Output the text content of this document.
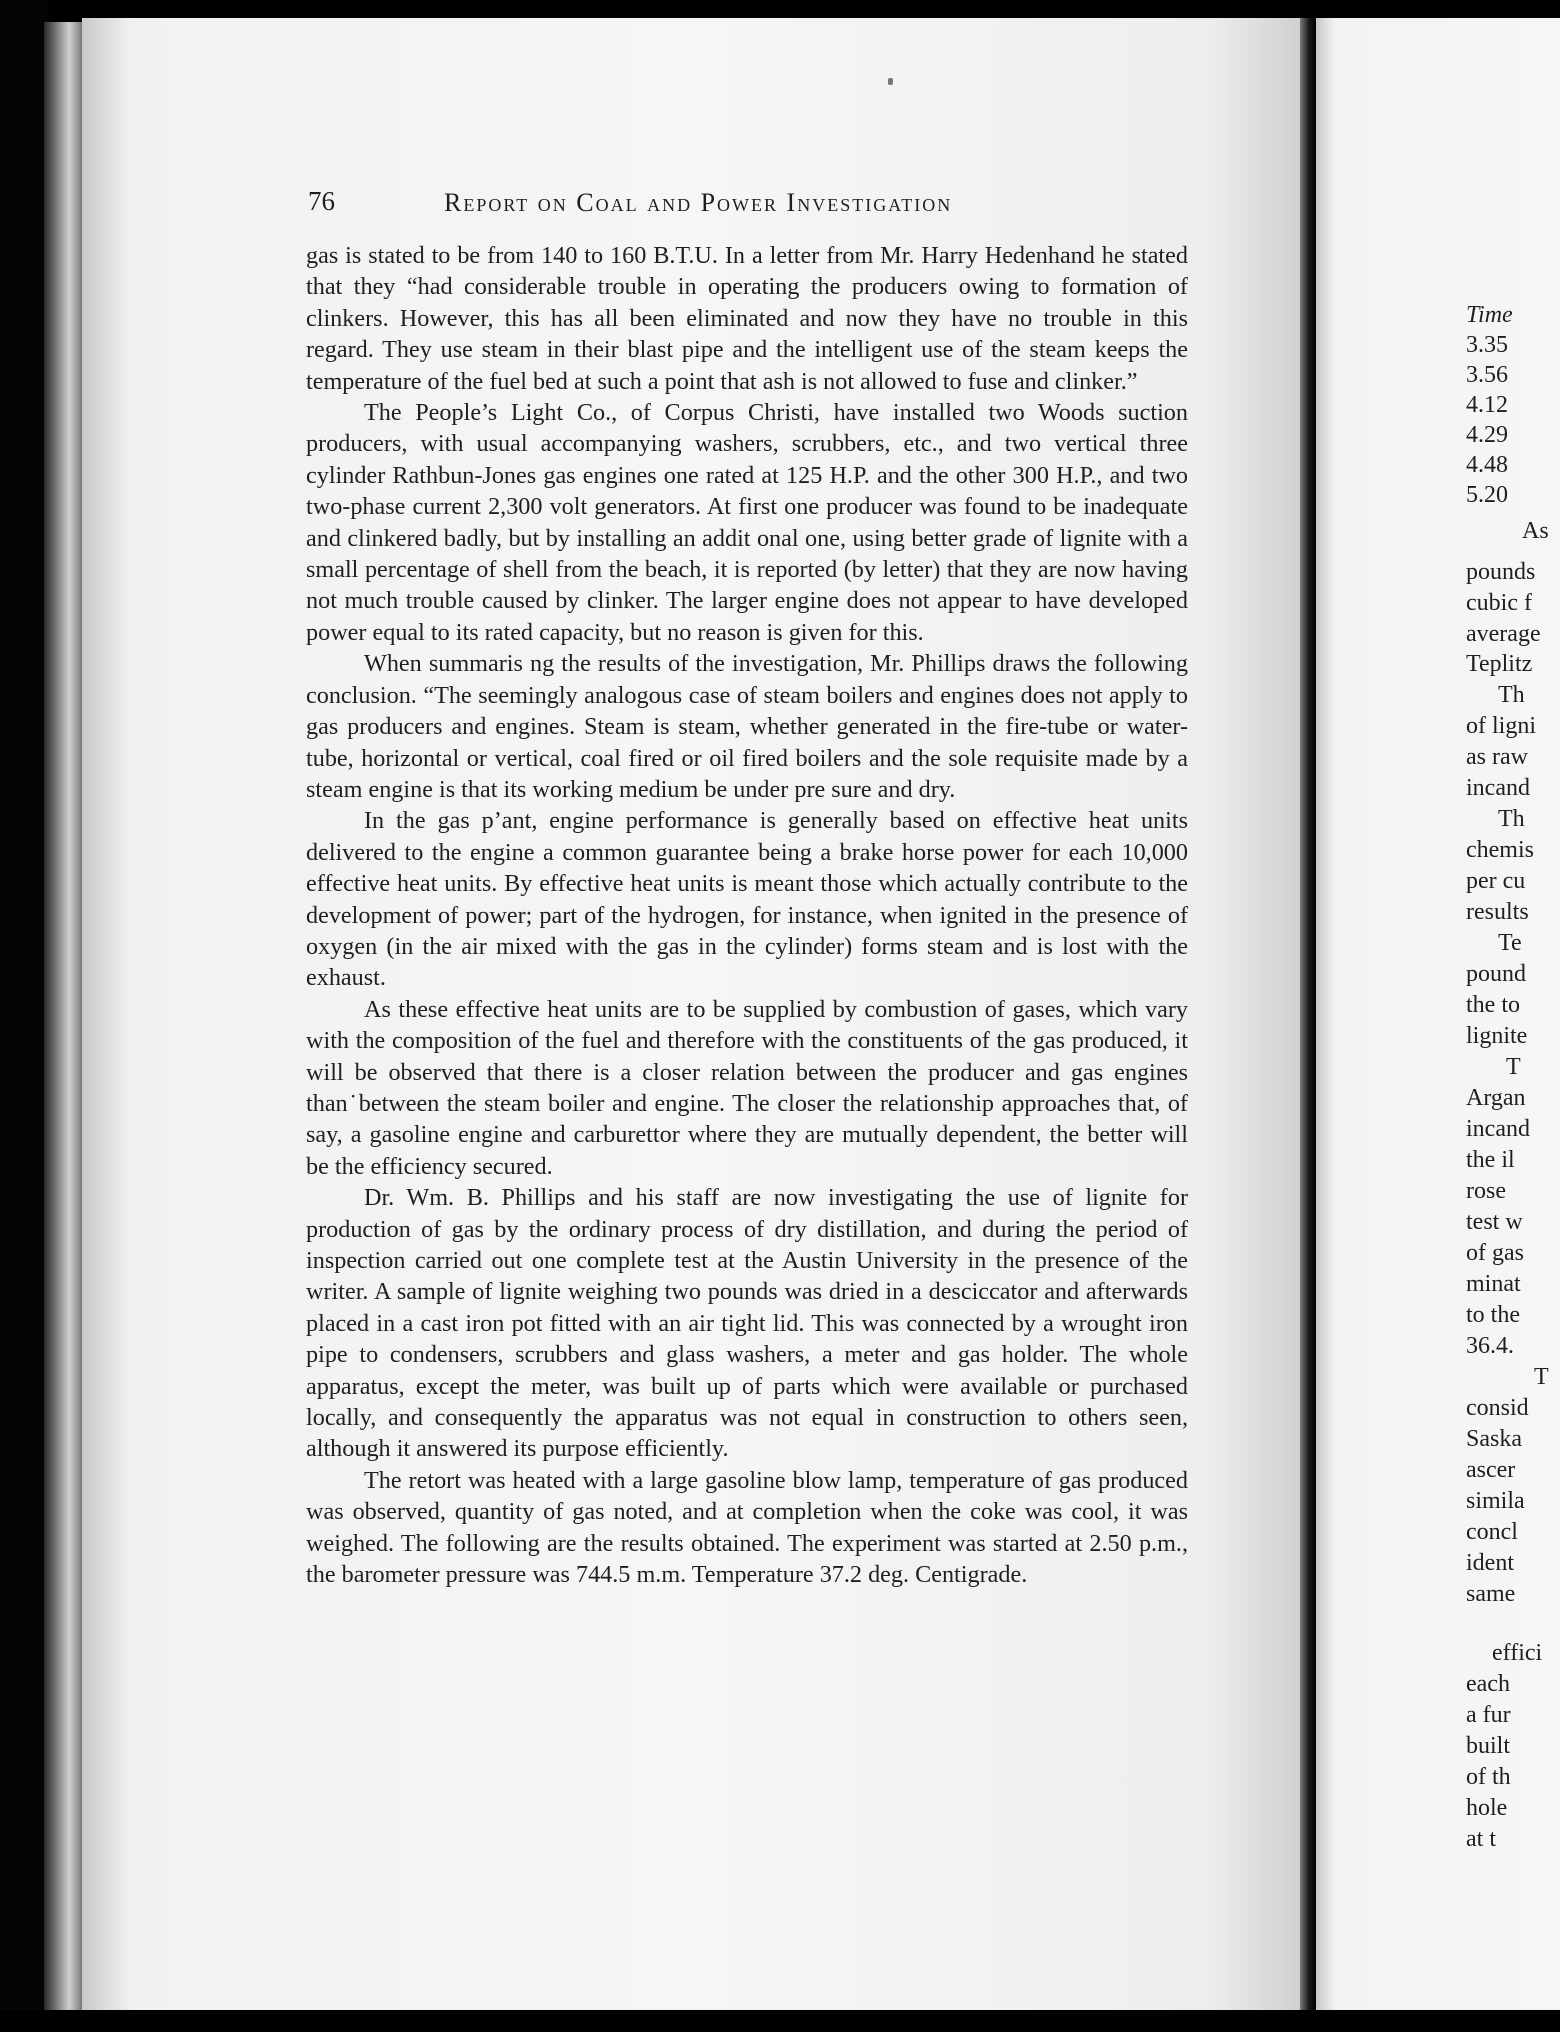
76	Report on Coal and Power Investigation

gas is stated to be from 140 to 160 B.T.U. In a letter from Mr. Harry Hedenhand he stated that they “had considerable trouble in operating the producers owing to formation of clinkers. However, this has all been eliminated and now they have no trouble in this regard. They use steam in their blast pipe and the intelligent use of the steam keeps the temperature of the fuel bed at such a point that ash is not allowed to fuse and clinker.”

The People’s Light Co., of Corpus Christi, have installed two Woods suction producers, with usual accompanying washers, scrubbers, etc., and two vertical three cylinder Rathbun-Jones gas engines one rated at 125 H.P. and the other 300 H.P., and two two-phase current 2,300 volt generators. At first one producer was found to be inadequate and clinkered badly, but by installing an addit onal one, using better grade of lignite with a small percentage of shell from the beach, it is reported (by letter) that they are now having not much trouble caused by clinker. The larger engine does not appear to have developed power equal to its rated capacity, but no reason is given for this.

When summaris ng the results of the investigation, Mr. Phillips draws the following conclusion. “The seemingly analogous case of steam boilers and engines does not apply to gas producers and engines. Steam is steam, whether generated in the fire-tube or water-tube, horizontal or vertical, coal fired or oil fired boilers and the sole requisite made by a steam engine is that its working medium be under pre sure and dry.

In the gas p’ant, engine performance is generally based on effective heat units delivered to the engine a common guarantee being a brake horse power for each 10,000 effective heat units. By effective heat units is meant those which actually contribute to the development of power; part of the hydrogen, for instance, when ignited in the presence of oxygen (in the air mixed with the gas in the cylinder) forms steam and is lost with the exhaust.

As these effective heat units are to be supplied by combustion of gases, which vary with the composition of the fuel and therefore with the constituents of the gas produced, it will be observed that there is a closer relation between the producer and gas engines than˙between the steam boiler and engine. The closer the relationship approaches that, of say, a gasoline engine and carburettor where they are mutually dependent, the better will be the efficiency secured.

Dr. Wm. B. Phillips and his staff are now investigating the use of lignite for production of gas by the ordinary process of dry distillation, and during the period of inspection carried out one complete test at the Austin University in the presence of the writer. A sample of lignite weighing two pounds was dried in a desciccator and afterwards placed in a cast iron pot fitted with an air tight lid. This was connected by a wrought iron pipe to condensers, scrubbers and glass washers, a meter and gas holder. The whole apparatus, except the meter, was built up of parts which were available or purchased locally, and consequently the apparatus was not equal in construction to others seen, although it answered its purpose efficiently.

The retort was heated with a large gasoline blow lamp, temperature of gas produced was observed, quantity of gas noted, and at completion when the coke was cool, it was weighed. The following are the results obtained. The experiment was started at 2.50 p.m., the barometer pressure was 744.5 m.m. Temperature 37.2 deg. Centigrade.

Time
3.35
3.56
4.12
4.29
4.48
5.20
As
pounds
cubic f
average
Teplitz
Th
of ligni
as raw
incand
Th
chemis
per cu
results
Te
pound
the to
lignite
T
Argan
incand
the il
rose
test w
of gas
minat
to the
36.4.
T
consid
Saska
ascer
simila
concl
ident
same
effici
each
a fur
built
of th
hole
at t
